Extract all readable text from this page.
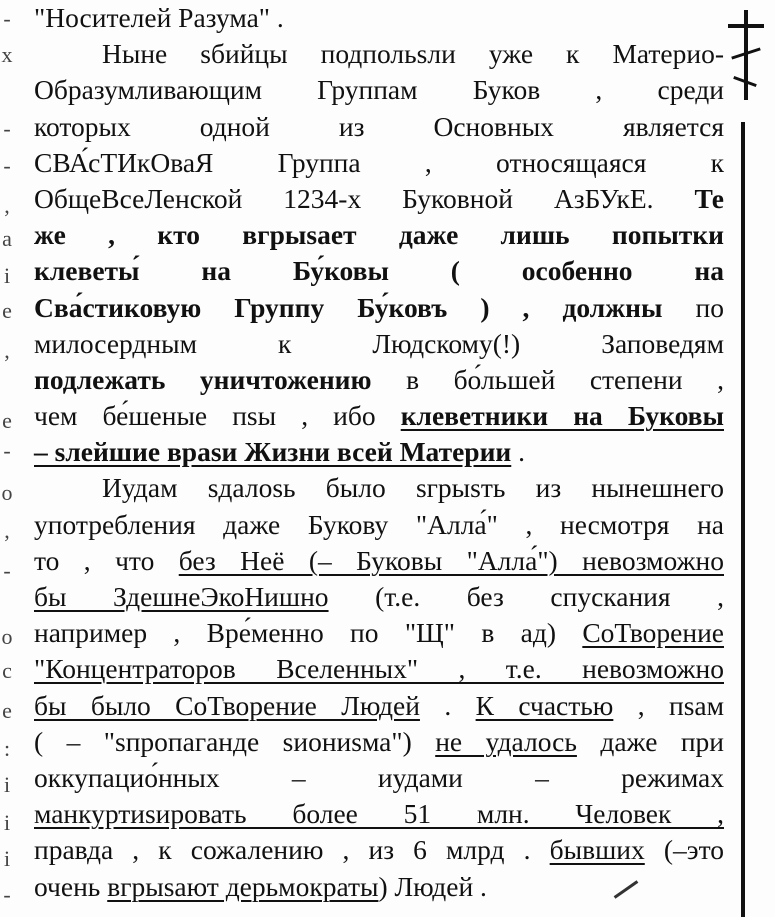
"Носителей Разума" .
Ныне ѕбийцы подпольѕли уже к Материо-
Образумливающим Группам Буков , среди
которых одной из Основных является
СВА́сТИкОваЯ Группа , относящаяся к
ОбщеВсеЛенской 1234-х Буковной АзБУкЕ. Те
же , кто вгрыѕает даже лишь попытки
клеветы́ на Бу́ковы ( особенно на
Сва́стиковую Группу Бу́ковъ ) , должны по
милосердным к Людскому(!) Заповедям
подлежать уничтожению в бо́льшей степени ,
чем бе́шеные пѕы , ибо клеветники на Буковы
– ѕлейшие враѕи Жизни всей Материи .
Иудам ѕдалоѕь было ѕгрыѕть из нынешнего
употребления даже Букову "Алла́" , несмотря на
то , что без Неё (– Буковы "Алла́") невозможно
бы ЗдешнеЭкоНишно (т.е. без спускания ,
например , Вре́менно по "Щ" в ад) СоТворение
"Концентраторов Вселенных" , т.е. невозможно
бы было СоТворение Людей . К счастью , пѕам
( – "ѕпропаганде ѕиониѕма") не удалось даже при
оккупацио́нных – иудами – режимах
манкуртиѕировать более 51 млн. Человек ,
правда , к сожалению , из 6 млрд . бывших (–это
очень вгрыѕают дерьмократы) Людей .
-
x
-
-
,
a
i
e
,
e
-
o
,
-
o
c
e
:
i
i
i
-
